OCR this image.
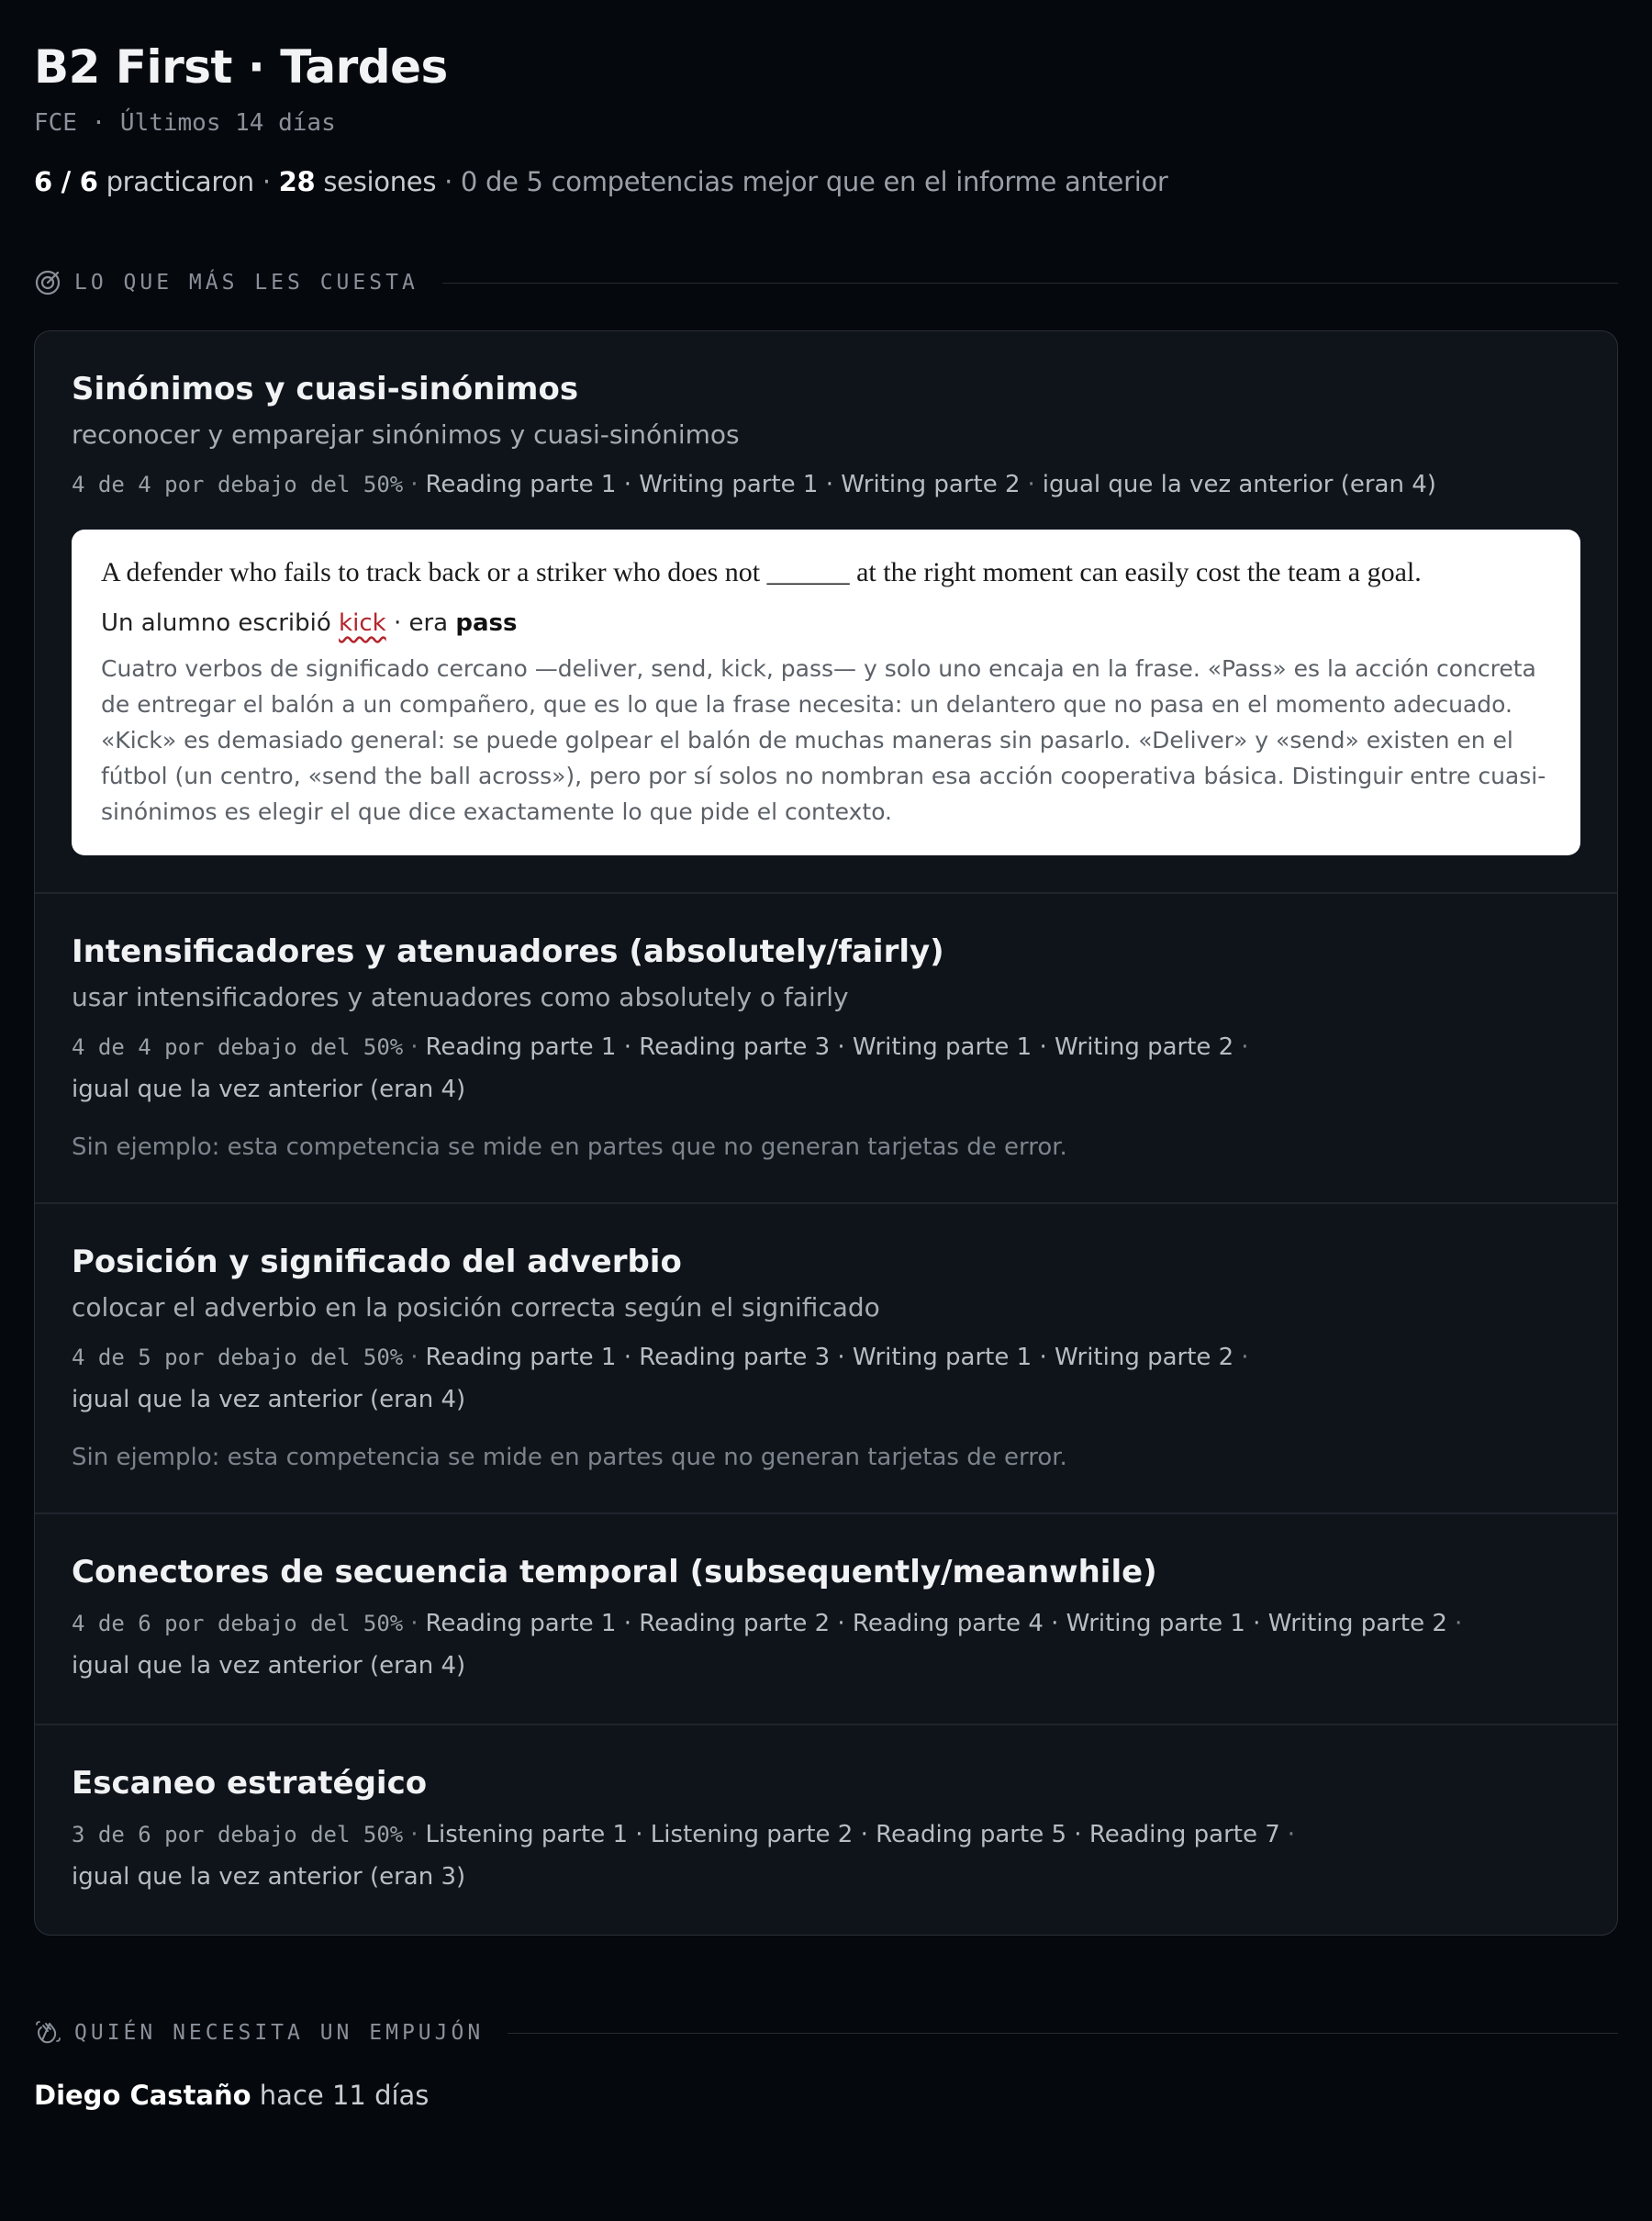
B2 First · Tardes
FCE · Últimos 14 días
6 / 6 practicaron · 28 sesiones · 0 de 5 competencias mejor que en el informe anterior
LO QUE MÁS LES CUESTA
Sinónimos y cuasi-sinónimos
reconocer y emparejar sinónimos y cuasi-sinónimos
4 de 4 por debajo del 50% · Reading parte 1 · Writing parte 1 · Writing parte 2 · igual que la vez anterior (eran 4)
A defender who fails to track back or a striker who does not ______ at the right moment can easily cost the team a goal.
Un alumno escribió kick · era pass
Cuatro verbos de significado cercano —deliver, send, kick, pass— y solo uno encaja en la frase. «Pass» es la acción concreta de entregar el balón a un compañero, que es lo que la frase necesita: un delantero que no pasa en el momento adecuado. «Kick» es demasiado general: se puede golpear el balón de muchas maneras sin pasarlo. «Deliver» y «send» existen en el fútbol (un centro, «send the ball across»), pero por sí solos no nombran esa acción cooperativa básica. Distinguir entre cuasi-sinónimos es elegir el que dice exactamente lo que pide el contexto.
Intensificadores y atenuadores (absolutely/fairly)
usar intensificadores y atenuadores como absolutely o fairly
4 de 4 por debajo del 50% · Reading parte 1 · Reading parte 3 · Writing parte 1 · Writing parte 2 ·
igual que la vez anterior (eran 4)
Sin ejemplo: esta competencia se mide en partes que no generan tarjetas de error.
Posición y significado del adverbio
colocar el adverbio en la posición correcta según el significado
4 de 5 por debajo del 50% · Reading parte 1 · Reading parte 3 · Writing parte 1 · Writing parte 2 ·
igual que la vez anterior (eran 4)
Sin ejemplo: esta competencia se mide en partes que no generan tarjetas de error.
Conectores de secuencia temporal (subsequently/meanwhile)
4 de 6 por debajo del 50% · Reading parte 1 · Reading parte 2 · Reading parte 4 · Writing parte 1 · Writing parte 2 ·
igual que la vez anterior (eran 4)
Escaneo estratégico
3 de 6 por debajo del 50% · Listening parte 1 · Listening parte 2 · Reading parte 5 · Reading parte 7 ·
igual que la vez anterior (eran 3)
QUIÉN NECESITA UN EMPUJÓN
Diego Castaño hace 11 días
